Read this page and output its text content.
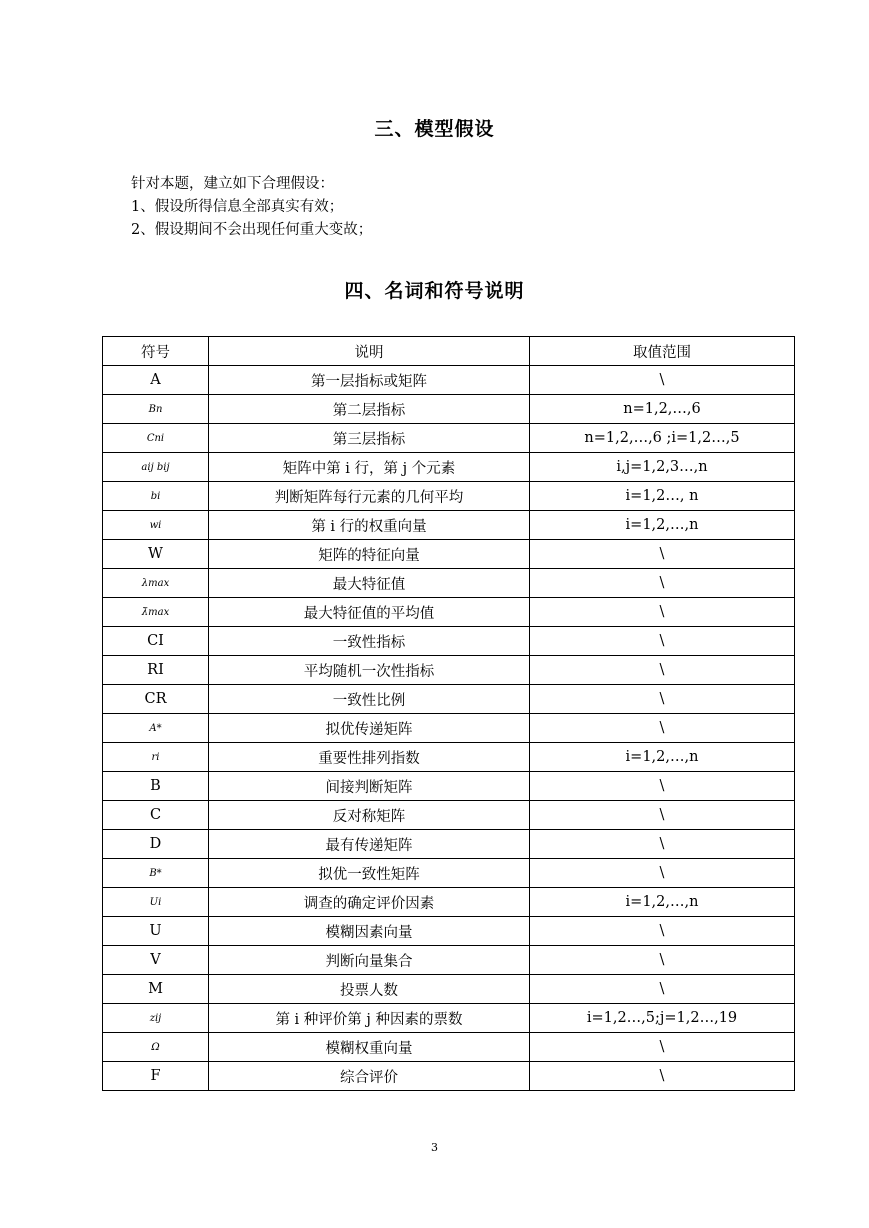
三、模型假设
针对本题，建立如下合理假设：
1、假设所得信息全部真实有效；
2、假设期间不会出现任何重大变故；
四、名词和符号说明
符号	说明	取值范围
A	第一层指标或矩阵	\
Bn	第二层指标	n=1,2,…,6
Cni	第三层指标	n=1,2,…,6 ;i=1,2…,5
aij bij	矩阵中第 i 行，第 j 个元素	i,j=1,2,3…,n
bi	判断矩阵每行元素的几何平均	i=1,2…, n
wi	第 i 行的权重向量	i=1,2,…,n
W	矩阵的特征向量	\
λmax	最大特征值	\
λ̄max	最大特征值的平均值	\
CI	一致性指标	\
RI	平均随机一次性指标	\
CR	一致性比例	\
A*	拟优传递矩阵	\
ri	重要性排列指数	i=1,2,…,n
B	间接判断矩阵	\
C	反对称矩阵	\
D	最有传递矩阵	\
B*	拟优一致性矩阵	\
Ui	调查的确定评价因素	i=1,2,…,n
U	模糊因素向量	\
V	判断向量集合	\
M	投票人数	\
zij	第 i 种评价第 j 种因素的票数	i=1,2…,5;j=1,2…,19
Ω	模糊权重向量	\
F	综合评价	\
3
